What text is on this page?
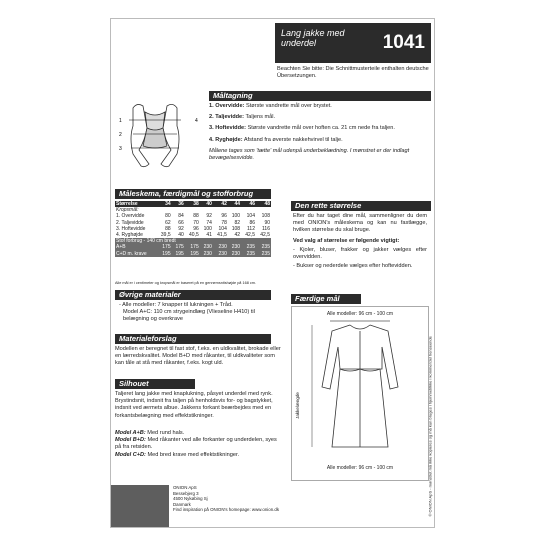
Lang jakke med
underdel	1041
Beachten Sie bitte: Die Schnittmusterteile enthalten deutsche Übersetzungen.
Måltagning
1
2
3
4

1. Overvidde: Største vandrette mål over brystet.

2. Taljevidde: Taljens mål.

3. Hoftevidde: Største vandrette mål over hoften ca. 21 cm nede fra taljen.

4. Ryghøjde: Afstand fra øverste nakkehvirvel til talje.

Målene tages som 'tætte' mål udenpå underbeklædning. I mønstret er der indlagt bevægelsesvidde.

Måleskema, færdigmål og stofforbrug
Størrelse	34	36	38	40	42	44	46	48
Kropsmål:								
1. Overvidde	80	84	88	92	96	100	104	108
2. Taljevidde	62	66	70	74	78	82	86	90
3. Hoftevidde	88	92	96	100	104	108	112	116
4. Ryghøjde	39,5	40	40,5	41	41,5	42	42,5	42,5
Stof forbrug - 140 cm bredt								
A+B	175	175	175	230	230	230	235	235
C+D m. krave	195	195	195	230	230	230	235	235
Alle mål er i centimeter og kropsmål er baseret på en gennemsnitshøjde på 168 cm.
Øvrige materialer
- Alle modeller: 7 knapper til lukningen + Tråd.
Model A+C: 110 cm strygeindlæg (Vlieseline H410) til belægning og overkrave
Materialeforslag
Modellen er beregnet til fast stof, f.eks. en uldkvalitet, brokade eller en lærredskvalitet. Model B+D med råkanter, til uldkvaliteter som kan tåle at stå med råkanter, f.eks. kogt uld.
Silhouet
Taljeret lang jakke med knaplukning, påsyet underdel med rynk. Brystindsnit, indsnit fra taljen på henholdsvis for- og bagstykket, indsnit ved ærmets albue. Jakkens forkant beærbejdes med en forkantsbelægning med effektstikninger.
Model A+B: Med rund hals.
Model B+D: Med råkanter ved alle forkanter og underdelen, syes på fra retsiden.
Model C+D: Med bred krave med effektstikninger.
Den rette størrelse
Efter du har taget dine mål, sammenligner du dem med ONION's måleskema og kan nu fastlægge, hvilken størrelse du skal bruge.
Ved valg af størrelse er følgende vigtigt:
- Kjoler, bluser, frakker og jakker vælges efter overvidden.
- Bukser og nederdele vælges efter hoftevidden.
Færdige mål
Alle modeller: 96 cm - 100 cm
Jakkelængde
Alle modeller: 96 cm - 100 cm	© ONION ApS - mønstret må ikke kopieres og må kun bruges i hjemmet/ikke i kommerciel henseende
ONION ApS
Bessebjerg 3
4500 Nykøbing Sj
Danmark
Find inspiration på ONION's homepage: www.onion.dk
